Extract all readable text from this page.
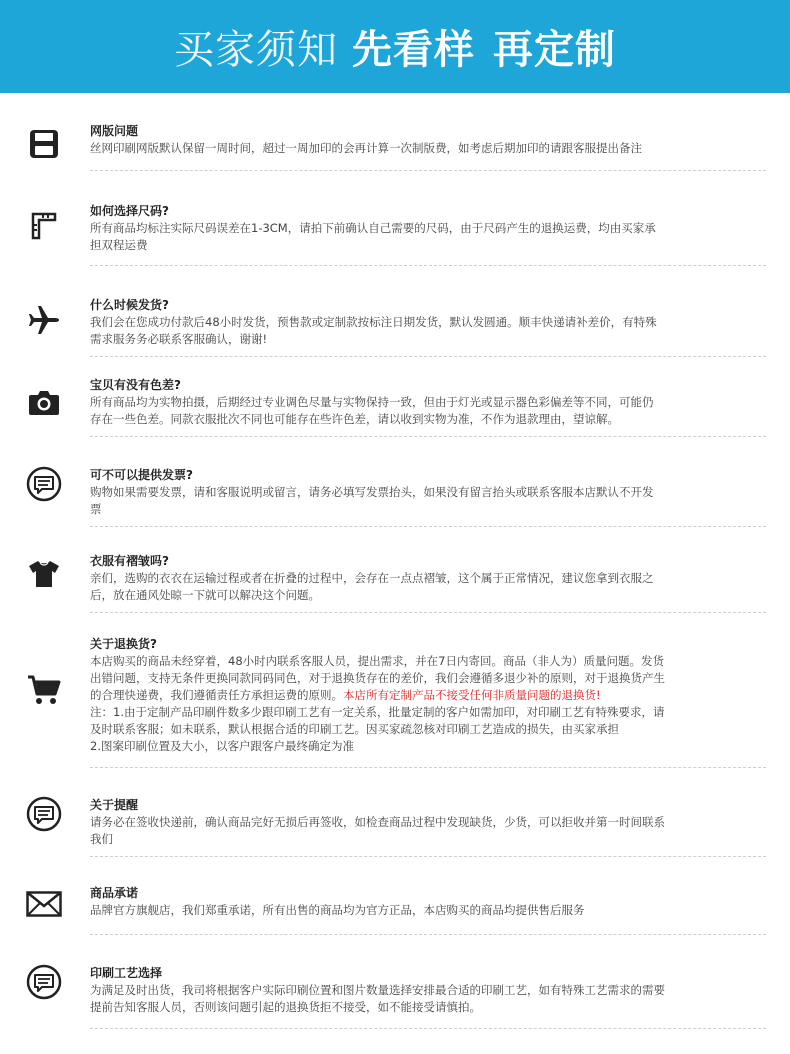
买家须知 先看样 再定制
网版问题
丝网印刷网版默认保留一周时间，超过一周加印的会再计算一次制版费，如考虑后期加印的请跟客服提出备注
如何选择尺码?
所有商品均标注实际尺码误差在1-3CM，请拍下前确认自己需要的尺码，由于尺码产生的退换运费，均由买家承
担双程运费
什么时候发货?
我们会在您成功付款后48小时发货，预售款或定制款按标注日期发货，默认发圆通。顺丰快递请补差价，有特殊
需求服务务必联系客服确认，谢谢!
宝贝有没有色差?
所有商品均为实物拍摄，后期经过专业调色尽量与实物保持一致，但由于灯光或显示器色彩偏差等不同，可能仍
存在一些色差。同款衣服批次不同也可能存在些许色差，请以收到实物为准，不作为退款理由，望谅解。
可不可以提供发票?
购物如果需要发票，请和客服说明或留言，请务必填写发票抬头，如果没有留言抬头或联系客服本店默认不开发
票
衣服有褶皱吗?
亲们，选购的衣衣在运输过程或者在折叠的过程中，会存在一点点褶皱，这个属于正常情况，建议您拿到衣服之
后，放在通风处晾一下就可以解决这个问题。
关于退换货?
本店购买的商品未经穿着，48小时内联系客服人员，提出需求，并在7日内寄回。商品（非人为）质量问题。发货
出错问题，支持无条件更换同款同码同色，对于退换货存在的差价，我们会遵循多退少补的原则，对于退换货产生
的合理快递费，我们遵循责任方承担运费的原则。本店所有定制产品不接受任何非质量问题的退换货!
注：1.由于定制产品印刷件数多少跟印刷工艺有一定关系，批量定制的客户如需加印，对印刷工艺有特殊要求，请
及时联系客服；如未联系，默认根据合适的印刷工艺。因买家疏忽核对印刷工艺造成的损失，由买家承担
2.图案印刷位置及大小，以客户跟客户最终确定为准
关于提醒
请务必在签收快递前，确认商品完好无损后再签收，如检查商品过程中发现缺货，少货，可以拒收并第一时间联系
我们
商品承诺
品牌官方旗舰店，我们郑重承诺，所有出售的商品均为官方正品，本店购买的商品均提供售后服务
印刷工艺选择
为满足及时出货，我司将根据客户实际印刷位置和图片数量选择安排最合适的印刷工艺，如有特殊工艺需求的需要
提前告知客服人员，否则该问题引起的退换货拒不接受，如不能接受请慎拍。
